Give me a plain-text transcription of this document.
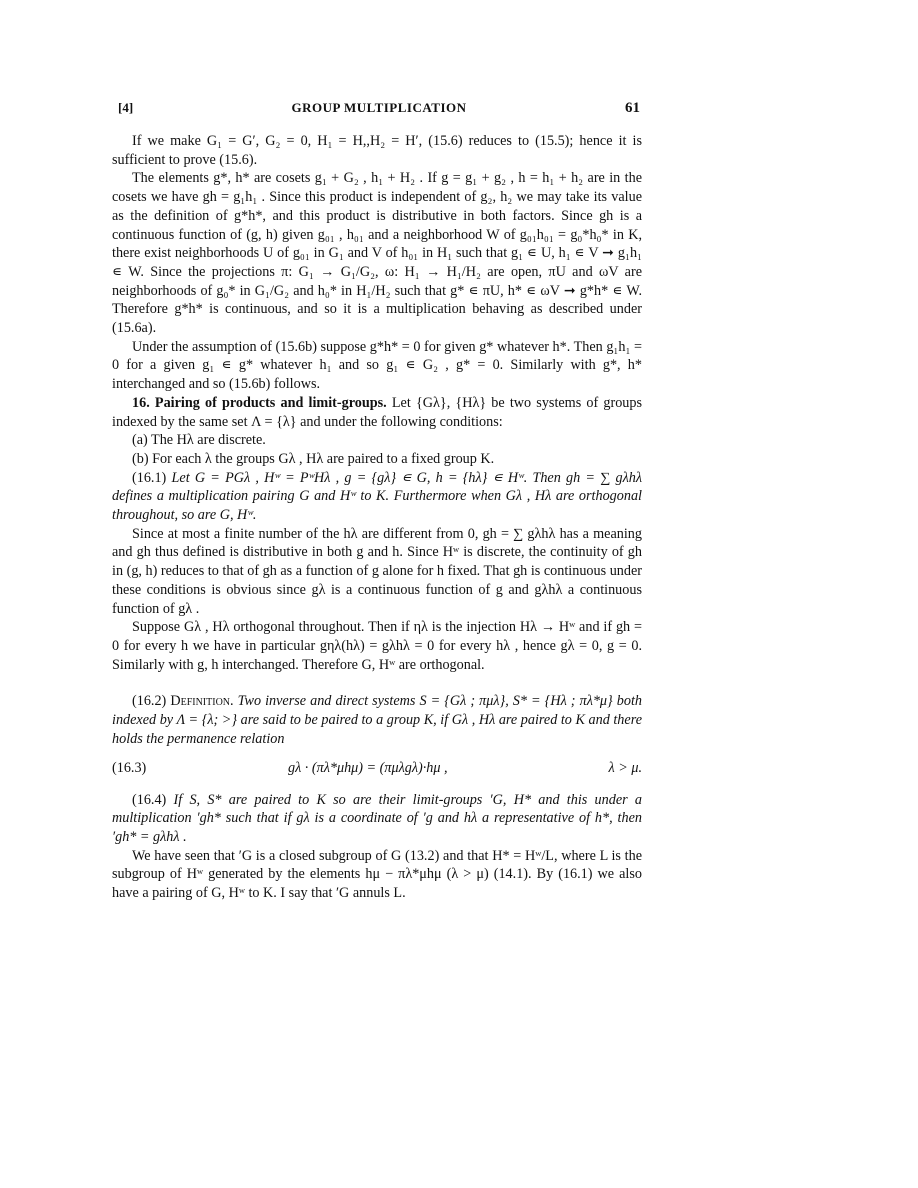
[4]	GROUP MULTIPLICATION	61

If we make G₁ = G′, G₂ = 0, H₁ = H,,H₂ = H′, (15.6) reduces to (15.5); hence it is sufficient to prove (15.6).

The elements g*, h* are cosets g₁ + G₂ , h₁ + H₂ . If g = g₁ + g₂ , h = h₁ + h₂ are in the cosets we have gh = g₁h₁ . Since this product is independent of g₂, h₂ we may take its value as the definition of g*h*, and this product is distributive in both factors. Since gh is a continuous function of (g, h) given g₀₁ , h₀₁ and a neighborhood W of g₀₁h₀₁ = g₀*h₀* in K, there exist neighborhoods U of g₀₁ in G₁ and V of h₀₁ in H₁ such that g₁ ∊ U, h₁ ∊ V ➞ g₁h₁ ∊ W. Since the projections π: G₁ → G₁/G₂, ω: H₁ → H₁/H₂ are open, πU and ωV are neighborhoods of g₀* in G₁/G₂ and h₀* in H₁/H₂ such that g* ∊ πU, h* ∊ ωV ➞ g*h* ∊ W. Therefore g*h* is continuous, and so it is a multiplication behaving as described under (15.6a).

Under the assumption of (15.6b) suppose g*h* = 0 for given g* whatever h*. Then g₁h₁ = 0 for a given g₁ ∊ g* whatever h₁ and so g₁ ∊ G₂ , g* = 0. Similarly with g*, h* interchanged and so (15.6b) follows.

16. Pairing of products and limit-groups. Let {Gλ}, {Hλ} be two systems of groups indexed by the same set Λ = {λ} and under the following conditions:

(a) The Hλ are discrete.

(b) For each λ the groups Gλ , Hλ are paired to a fixed group K.

(16.1) Let G = PGλ , Hʷ = PʷHλ , g = {gλ} ∊ G, h = {hλ} ∊ Hʷ. Then gh = ∑ gλhλ defines a multiplication pairing G and Hʷ to K. Furthermore when Gλ , Hλ are orthogonal throughout, so are G, Hʷ.

Since at most a finite number of the hλ are different from 0, gh = ∑ gλhλ has a meaning and gh thus defined is distributive in both g and h. Since Hʷ is discrete, the continuity of gh in (g, h) reduces to that of gh as a function of g alone for h fixed. That gh is continuous under these conditions is obvious since gλ is a continuous function of g and gλhλ a continuous function of gλ .

Suppose Gλ , Hλ orthogonal throughout. Then if ηλ is the injection Hλ → Hʷ and if gh = 0 for every h we have in particular gηλ(hλ) = gλhλ = 0 for every hλ , hence gλ = 0, g = 0. Similarly with g, h interchanged. Therefore G, Hʷ are orthogonal.

(16.2) Definition. Two inverse and direct systems S = {Gλ ; πμλ}, S* = {Hλ ; πλ*μ} both indexed by Λ = {λ; >} are said to be paired to a group K, if Gλ , Hλ are paired to K and there holds the permanence relation

(16.3)	gλ · (πλ*μhμ) = (πμλgλ)·hμ ,	λ > μ.

(16.4) If S, S* are paired to K so are their limit-groups ′G, H* and this under a multiplication ′gh* such that if gλ is a coordinate of ′g and hλ a representative of h*, then ′gh* = gλhλ .

We have seen that ′G is a closed subgroup of G (13.2) and that H* = Hʷ/L, where L is the subgroup of Hʷ generated by the elements hμ − πλ*μhμ (λ > μ) (14.1). By (16.1) we also have a pairing of G, Hʷ to K. I say that ′G annuls L.
